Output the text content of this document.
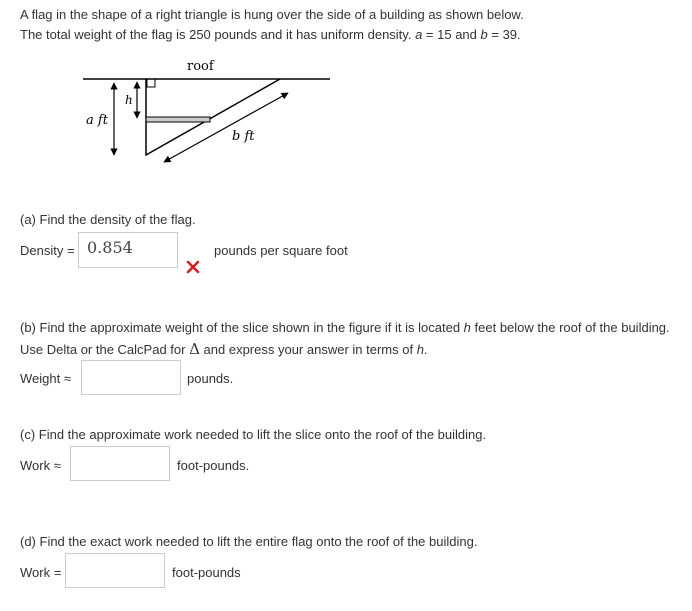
A flag in the shape of a right triangle is hung over the side of a building as shown below.
The total weight of the flag is 250 pounds and it has uniform density. a = 15 and b = 39.
roof
a ft
h
b ft
(a) Find the density of the flag.
Density = 0.854	pounds per square foot
(b) Find the approximate weight of the slice shown in the figure if it is located h feet below the roof of the building.
Use Delta or the CalcPad for Δ and express your answer in terms of h.
Weight ≈	pounds.
(c) Find the approximate work needed to lift the slice onto the roof of the building.
Work ≈	foot-pounds.
(d) Find the exact work needed to lift the entire flag onto the roof of the building.
Work =	foot-pounds
